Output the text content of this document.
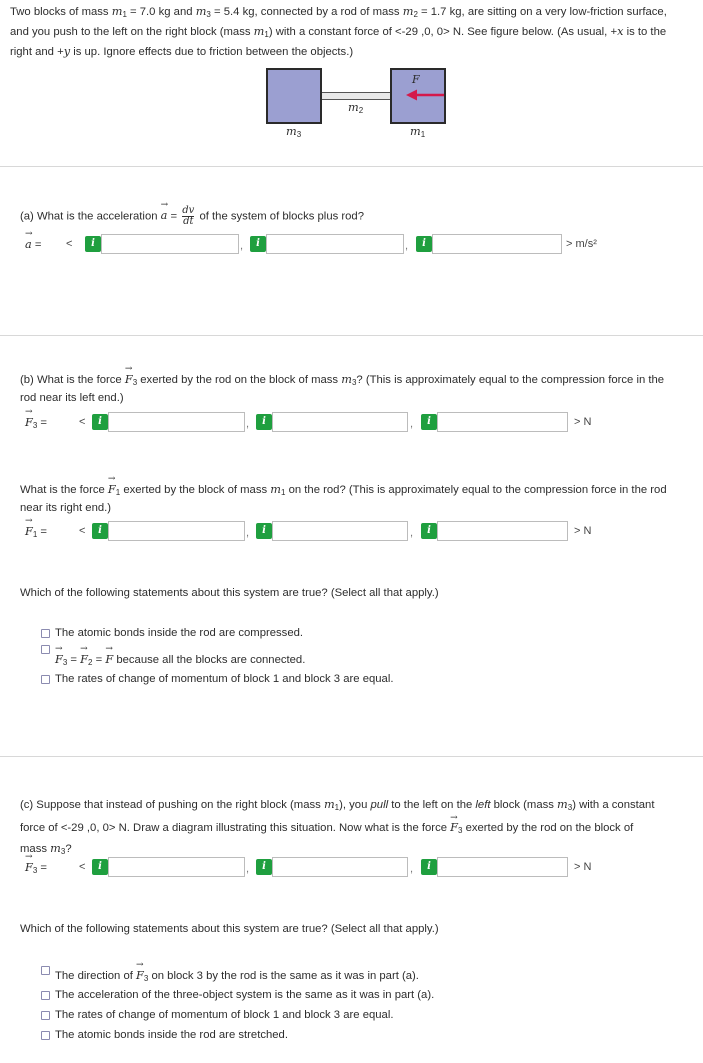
Two blocks of mass $m_1 = 7.0$ kg and $m_3 = 5.4$ kg, connected by a rod of mass $m_2 = 1.7$ kg, are sitting on a very low-friction surface,
and you push to the left on the right block (mass $m_1$) with a constant force of <-29 ,0, 0> N. See figure below. (As usual, +x is to the
right and +y is up. Ignore effects due to friction between the objects.)
F
$m_3$
$m_2$
$m_1$
(a) What is the acceleration → $a = \frac{dv}{dt}$ of the system of blocks plus rod?
→ a = <	i	,	i	,	i	> m/s²
(b) What is the force → $F_3$ exerted by the rod on the block of mass $m_3$? (This is approximately equal to the compression force in the
rod near its left end.)
→ $F_3$ =	<	i	,	i	,	i	> N
What is the force → $F_1$ exerted by the block of mass $m_1$ on the rod? (This is approximately equal to the compression force in the rod
near its right end.)
→ $F_1$ =	<	i	,	i	,	i	> N
Which of the following statements about this system are true? (Select all that apply.)
The atomic bonds inside the rod are compressed.
→ $F_3$ = → $F_2$ = → F because all the blocks are connected.
The rates of change of momentum of block 1 and block 3 are equal.
(c) Suppose that instead of pushing on the right block (mass $m_1$), you pull to the left on the left block (mass $m_3$) with a constant
force of <-29 ,0, 0> N. Draw a diagram illustrating this situation. Now what is the force → $F_3$ exerted by the rod on the block of
mass $m_3$?
→ $F_3$ =	<	i	,	i	,	i	> N
Which of the following statements about this system are true? (Select all that apply.)
The direction of → $F_3$ on block 3 by the rod is the same as it was in part (a).
The acceleration of the three-object system is the same as it was in part (a).
The rates of change of momentum of block 1 and block 3 are equal.
The atomic bonds inside the rod are stretched.
